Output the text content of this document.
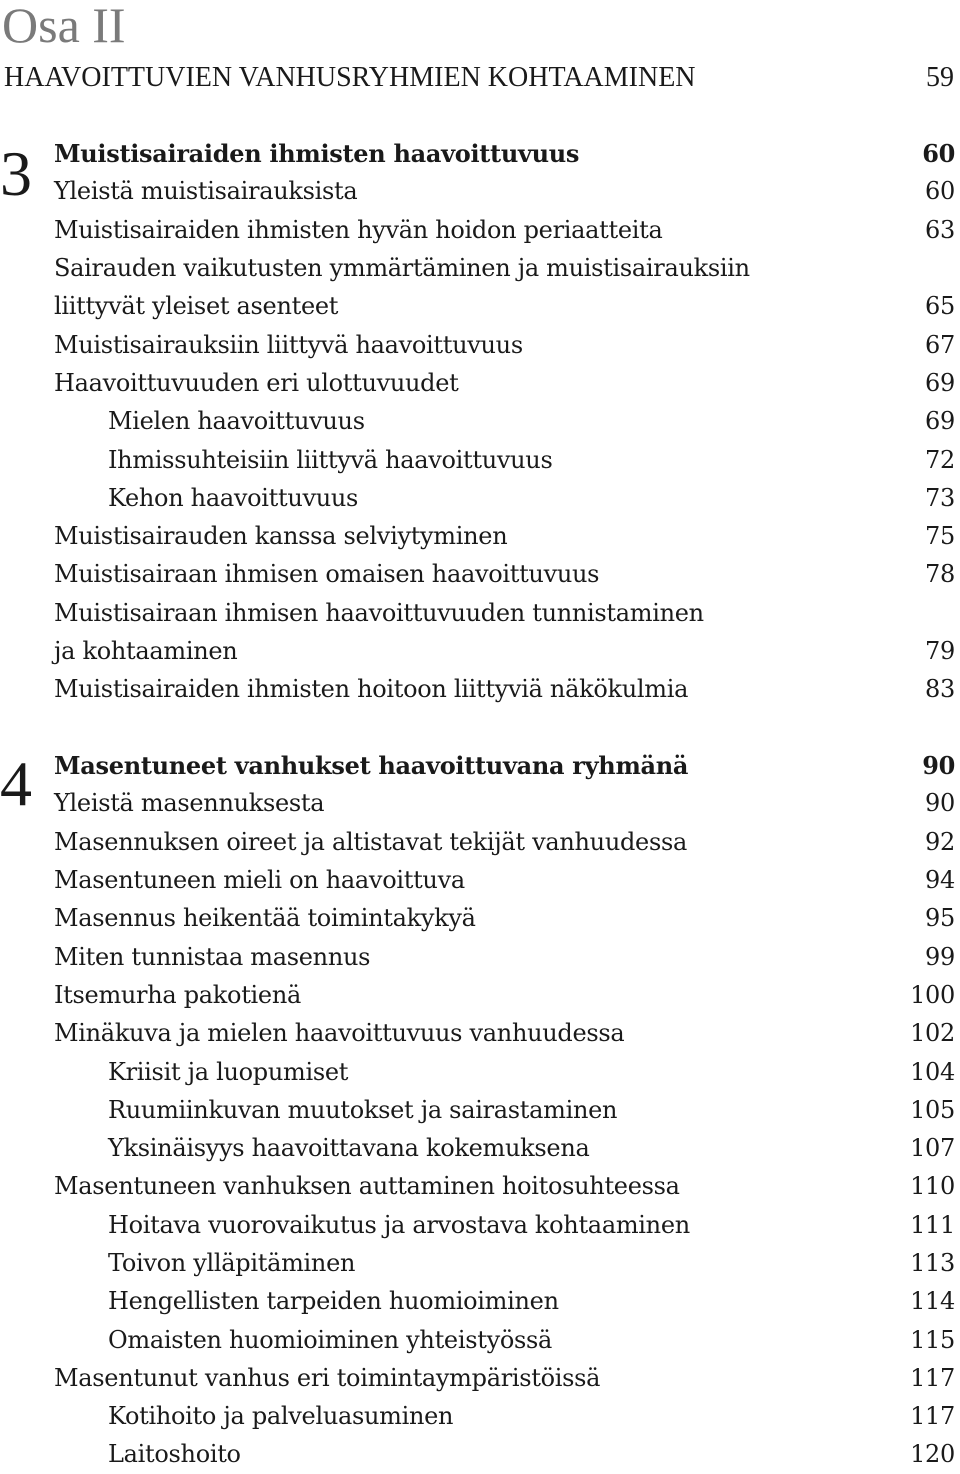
Osa II
HAAVOITTUVIEN VANHUSRYHMIEN KOHTAAMINEN	59
3 Muistisairaiden ihmisten haavoittuvuus	60
Yleistä muistisairauksista	60
Muistisairaiden ihmisten hyvän hoidon periaatteita	63
Sairauden vaikutusten ymmärtäminen ja muistisairauksiin
liittyvät yleiset asenteet	65
Muistisairauksiin liittyvä haavoittuvuus	67
Haavoittuvuuden eri ulottuvuudet	69
Mielen haavoittuvuus	69
Ihmissuhteisiin liittyvä haavoittuvuus	72
Kehon haavoittuvuus	73
Muistisairauden kanssa selviytyminen	75
Muistisairaan ihmisen omaisen haavoittuvuus	78
Muistisairaan ihmisen haavoittuvuuden tunnistaminen
ja kohtaaminen	79
Muistisairaiden ihmisten hoitoon liittyviä näkökulmia	83
4 Masentuneet vanhukset haavoittuvana ryhmänä	90
Yleistä masennuksesta	90
Masennuksen oireet ja altistavat tekijät vanhuudessa	92
Masentuneen mieli on haavoittuva	94
Masennus heikentää toimintakykyä	95
Miten tunnistaa masennus	99
Itsemurha pakotienä	100
Minäkuva ja mielen haavoittuvuus vanhuudessa	102
Kriisit ja luopumiset	104
Ruumiinkuvan muutokset ja sairastaminen	105
Yksinäisyys haavoittavana kokemuksena	107
Masentuneen vanhuksen auttaminen hoitosuhteessa	110
Hoitava vuorovaikutus ja arvostava kohtaaminen	111
Toivon ylläpitäminen	113
Hengellisten tarpeiden huomioiminen	114
Omaisten huomioiminen yhteistyössä	115
Masentunut vanhus eri toimintaympäristöissä	117
Kotihoito ja palveluasuminen	117
Laitoshoito	120
